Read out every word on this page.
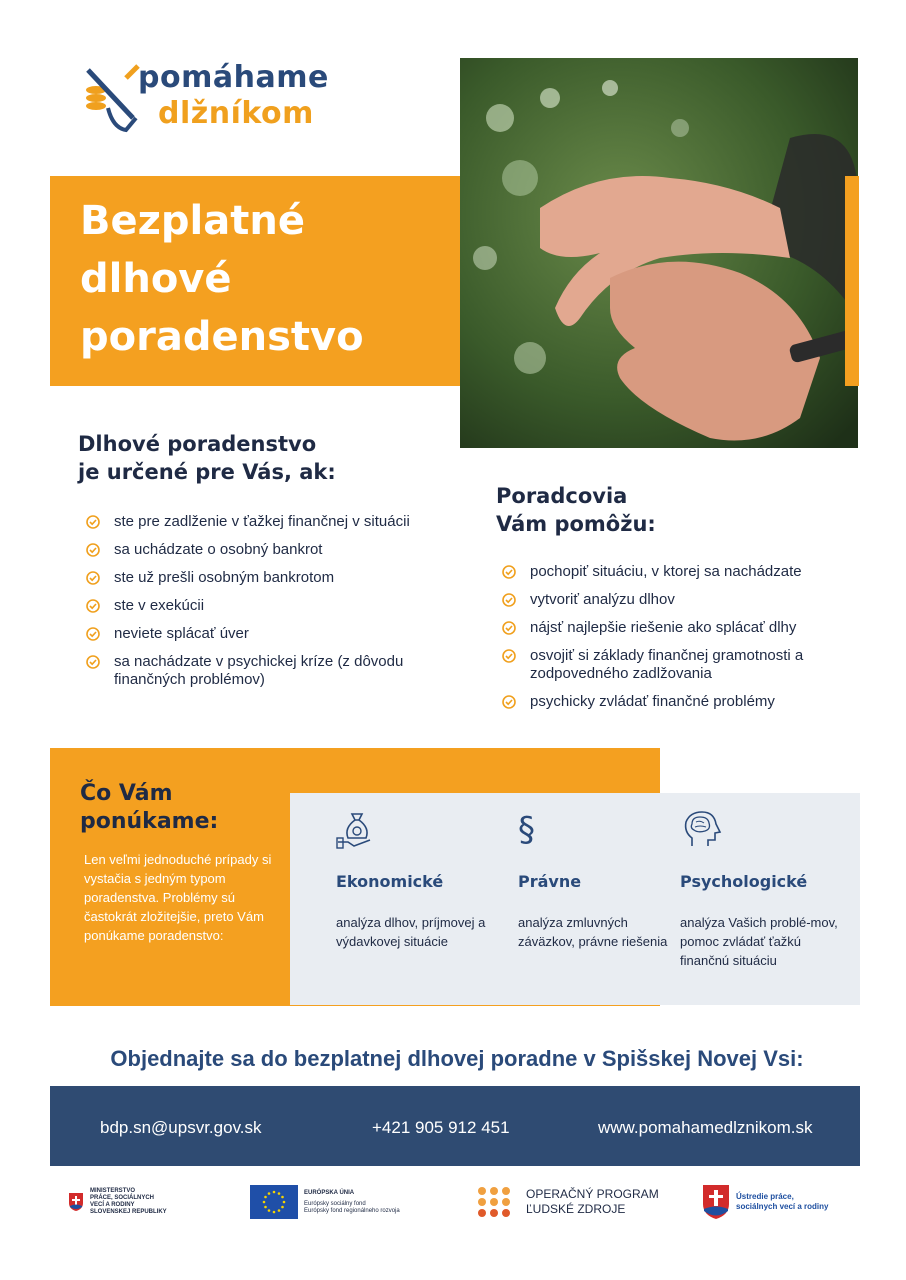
pomáhame
dlžníkom
Bezplatné
dlhové
poradenstvo
Dlhové poradenstvo
je určené pre Vás, ak:
ste pre zadlženie v ťažkej finančnej v situácii
sa uchádzate o osobný bankrot
ste už prešli osobným bankrotom
ste v exekúcii
neviete splácať úver
sa nachádzate v psychickej kríze (z dôvodu finančných problémov)
Poradcovia
Vám pomôžu:
pochopiť situáciu, v ktorej sa nachádzate
vytvoriť analýzu dlhov
nájsť najlepšie riešenie ako splácať dlhy
osvojiť si základy finančnej gramotnosti a zodpovedného zadlžovania
psychicky zvládať finančné problémy
Čo Vám
ponúkame:
Len veľmi jednoduché prípady si vystačia s jedným typom poradenstva. Problémy sú častokrát zložitejšie, preto Vám ponúkame poradenstvo:
Ekonomické
analýza dlhov, príjmovej a výdavkovej situácie
§
Právne
analýza zmluvných záväzkov, právne riešenia
Psychologické
analýza Vašich problé-mov, pomoc zvládať ťažkú finančnú situáciu
Objednajte sa do bezplatnej dlhovej poradne v Spišskej Novej Vsi:
bdp.sn@upsvr.gov.sk	+421 905 912 451	www.pomahamedlznikom.sk
MINISTERSTVO
PRÁCE, SOCIÁLNYCH
VECÍ A RODINY
SLOVENSKEJ REPUBLIKY
EURÓPSKA ÚNIA
Európsky sociálny fond
Európsky fond regionálneho rozvoja
OPERAČNÝ PROGRAM
ĽUDSKÉ ZDROJE
Ústredie práce,
sociálnych vecí a rodiny
